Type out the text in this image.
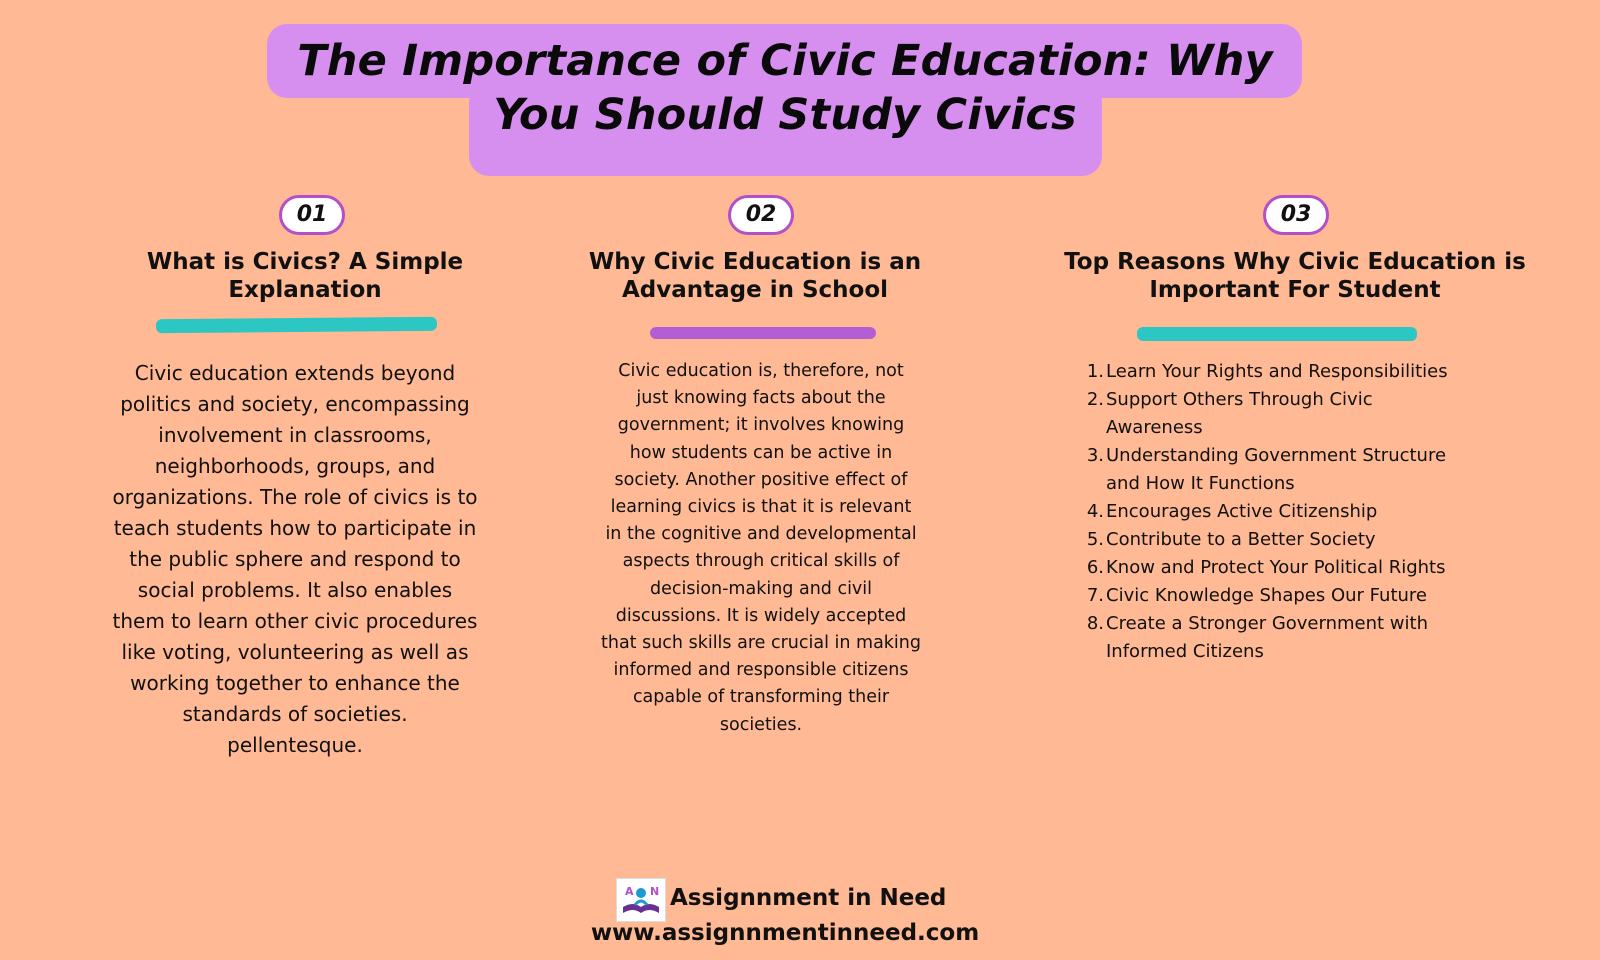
The Importance of Civic Education: Why
You Should Study Civics
01
What is Civics? A Simple
Explanation
Civic education extends beyond politics and society, encompassing involvement in classrooms, neighborhoods, groups, and organizations. The role of civics is to teach students how to participate in the public sphere and respond to social problems. It also enables them to learn other civic procedures like voting, volunteering as well as working together to enhance the standards of societies. pellentesque.
02
Why Civic Education is an
Advantage in School
Civic education is, therefore, not just knowing facts about the government; it involves knowing how students can be active in society. Another positive effect of learning civics is that it is relevant in the cognitive and developmental aspects through critical skills of decision-making and civil discussions. It is widely accepted that such skills are crucial in making informed and responsible citizens capable of transforming their societies.
03
Top Reasons Why Civic Education is
Important For Student
1. Learn Your Rights and Responsibilities
2. Support Others Through Civic Awareness
3. Understanding Government Structure and How It Functions
4. Encourages Active Citizenship
5. Contribute to a Better Society
6. Know and Protect Your Political Rights
7. Civic Knowledge Shapes Our Future
8. Create a Stronger Government with Informed Citizens
A N Assignnment in Need
www.assignnmentinneed.com
